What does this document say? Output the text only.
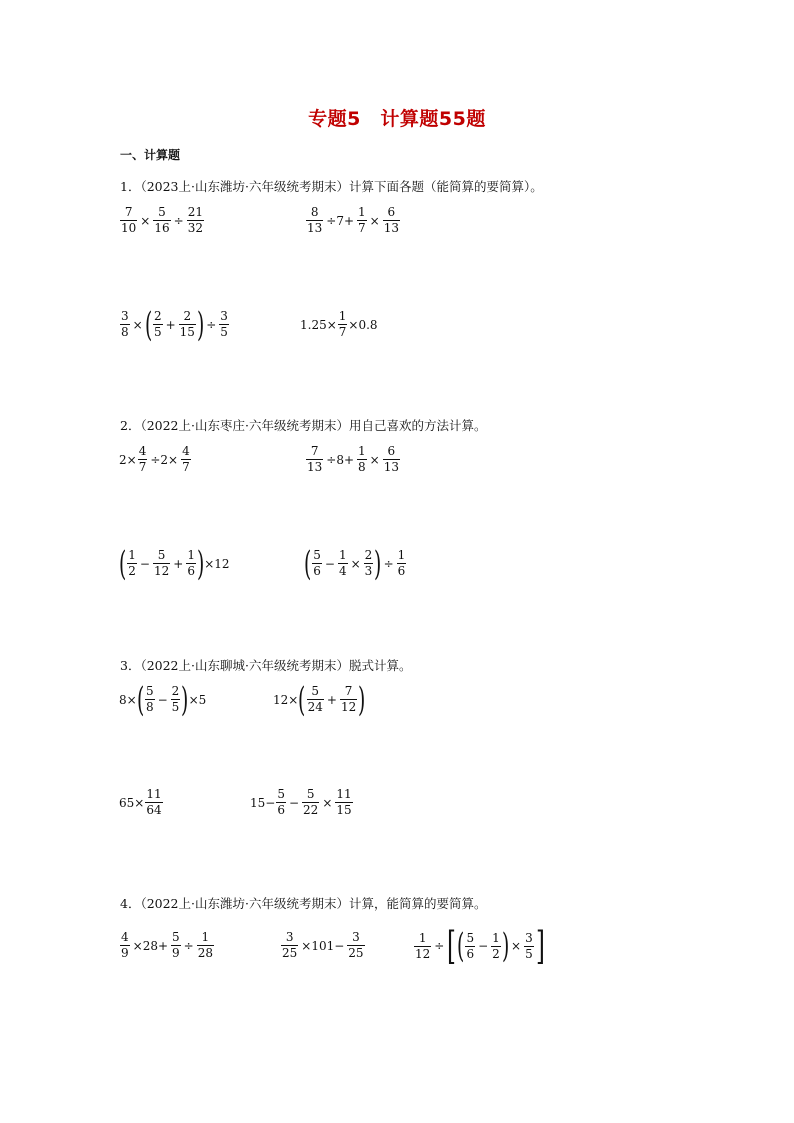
专题5　计算题55题
一、计算题
1．（2023上·山东潍坊·六年级统考期末）计算下面各题（能简算的要简算）。
$\frac{7}{10} \times \frac{5}{16} \div \frac{21}{32}$	$\frac{8}{13} \div 7+ \frac{1}{7} \times \frac{6}{13}$
$\frac{3}{8}$ × ( $\frac{2}{5} + \frac{2}{15}$ ) ÷ $\frac{3}{5}$	$1.25\times \frac{1}{7} \times 0.8$
2．（2022上·山东枣庄·六年级统考期末）用自己喜欢的方法计算。
$2\times \frac{4}{7} \div 2\times \frac{4}{7}$	$\frac{7}{13} \div 8+ \frac{1}{8} \times \frac{6}{13}$
( $\frac{1}{2} - \frac{5}{12} + \frac{1}{6}$ ) ×12 ( $\frac{5}{6} - \frac{1}{4} \times \frac{2}{3}$ ) ÷ $\frac{1}{6}$
3．（2022上·山东聊城·六年级统考期末）脱式计算。
8× ( $\frac{5}{8} - \frac{2}{5}$ ) ×5	12× ( $\frac{5}{24} + \frac{7}{12}$ )
$65\times \frac{11}{64}$	$15- \frac{5}{6} - \frac{5}{22} \times \frac{11}{15}$
4．（2022上·山东潍坊·六年级统考期末）计算，能简算的要简算。
$\frac{4}{9} \times 28+ \frac{5}{9} \div \frac{1}{28}$	$\frac{3}{25} \times 101- \frac{3}{25}$	$\frac{1}{12}$ ÷ [ ( $\frac{5}{6} - \frac{1}{2}$ ) × $\frac{3}{5}$ ]
